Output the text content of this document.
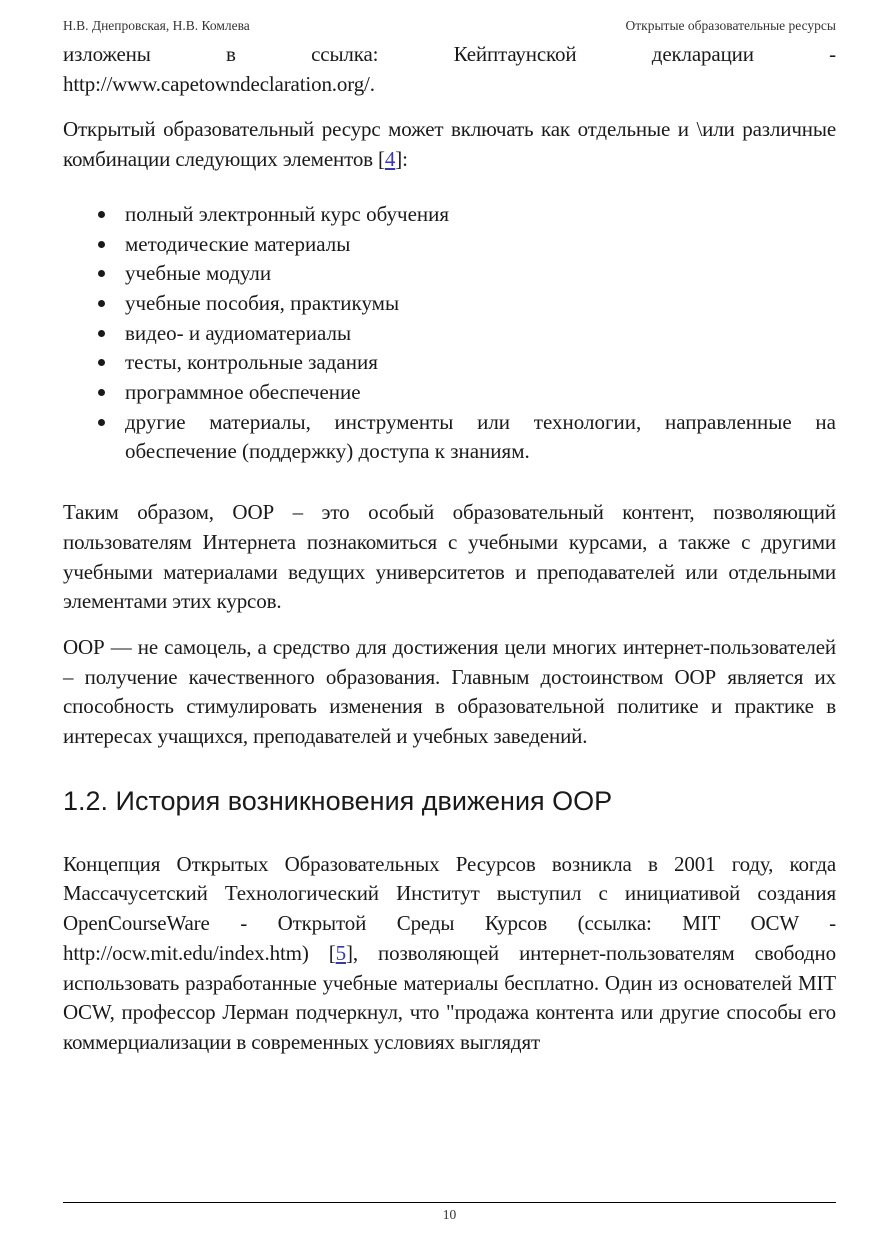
Н.В. Днепровская, Н.В. Комлева	Открытые образовательные ресурсы

изложены в ссылка: Кейптаунской декларации -

http://www.capetowndeclaration.org/.

Открытый образовательный ресурс может включать как отдельные и \или различные комбинации следующих элементов [4]:

полный электронный курс обучения
методические материалы
учебные модули
учебные пособия, практикумы
видео- и аудиоматериалы
тесты, контрольные задания
программное обеспечение
другие материалы, инструменты или технологии, направленные на обеспечение (поддержку) доступа к знаниям.

Таким образом, ООР – это особый образовательный контент, позволяющий пользователям Интернета познакомиться с учебными курсами, а также с другими учебными материалами ведущих университетов и преподавателей или отдельными элементами этих курсов.

ООР — не самоцель, а средство для достижения цели многих интернет-пользователей – получение качественного образования. Главным достоинством ООР является их способность стимулировать изменения в образовательной политике и практике в интересах учащихся, преподавателей и учебных заведений.

1.2. История возникновения движения ООР

Концепция Открытых Образовательных Ресурсов возникла в 2001 году, когда Массачусетский Технологический Институт выступил с инициативой создания OpenCourseWare - Открытой Среды Курсов (ссылка: MIT OCW - http://ocw.mit.edu/index.htm) [5], позволяющей интернет-пользователям свободно использовать разработанные учебные материалы бесплатно. Один из основателей MIT OCW, профессор Лерман подчеркнул, что "продажа контента или другие способы его коммерциализации в современных условиях выглядят

10
